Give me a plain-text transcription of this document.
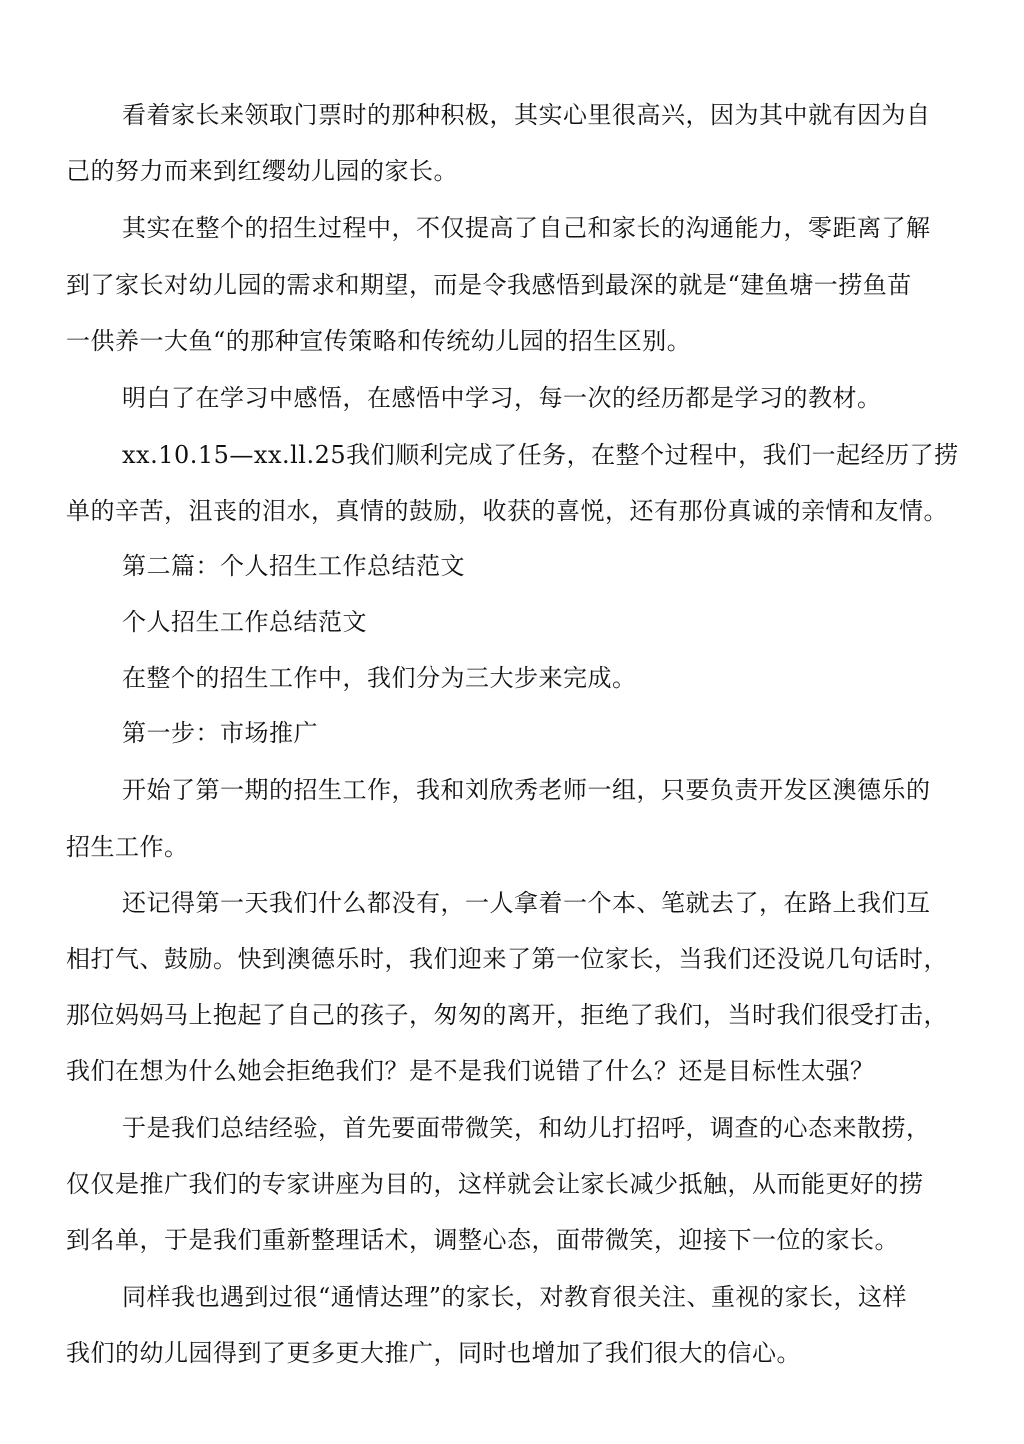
看着家长来领取门票时的那种积极，其实心里很高兴，因为其中就有因为自

己的努力而来到红缨幼儿园的家长。

其实在整个的招生过程中，不仅提高了自己和家长的沟通能力，零距离了解

到了家长对幼儿园的需求和期望，而是令我感悟到最深的就是“建鱼塘一捞鱼苗

一供养一大鱼“的那种宣传策略和传统幼儿园的招生区别。

明白了在学习中感悟，在感悟中学习，每一次的经历都是学习的教材。

xx.10.15—xx.ll.25我们顺利完成了任务，在整个过程中，我们一起经历了捞

单的辛苦，沮丧的泪水，真情的鼓励，收获的喜悦，还有那份真诚的亲情和友情。

第二篇：个人招生工作总结范文

个人招生工作总结范文

在整个的招生工作中，我们分为三大步来完成。

第一步：市场推广

开始了第一期的招生工作，我和刘欣秀老师一组，只要负责开发区澳德乐的

招生工作。

还记得第一天我们什么都没有，一人拿着一个本、笔就去了，在路上我们互

相打气、鼓励。快到澳德乐时，我们迎来了第一位家长，当我们还没说几句话时，

那位妈妈马上抱起了自己的孩子，匆匆的离开，拒绝了我们，当时我们很受打击，

我们在想为什么她会拒绝我们？是不是我们说错了什么？还是目标性太强？

于是我们总结经验，首先要面带微笑，和幼儿打招呼，调查的心态来散捞，

仅仅是推广我们的专家讲座为目的，这样就会让家长减少抵触，从而能更好的捞

到名单，于是我们重新整理话术，调整心态，面带微笑，迎接下一位的家长。

同样我也遇到过很“通情达理”的家长，对教育很关注、重视的家长，这样

我们的幼儿园得到了更多更大推广，同时也增加了我们很大的信心。
